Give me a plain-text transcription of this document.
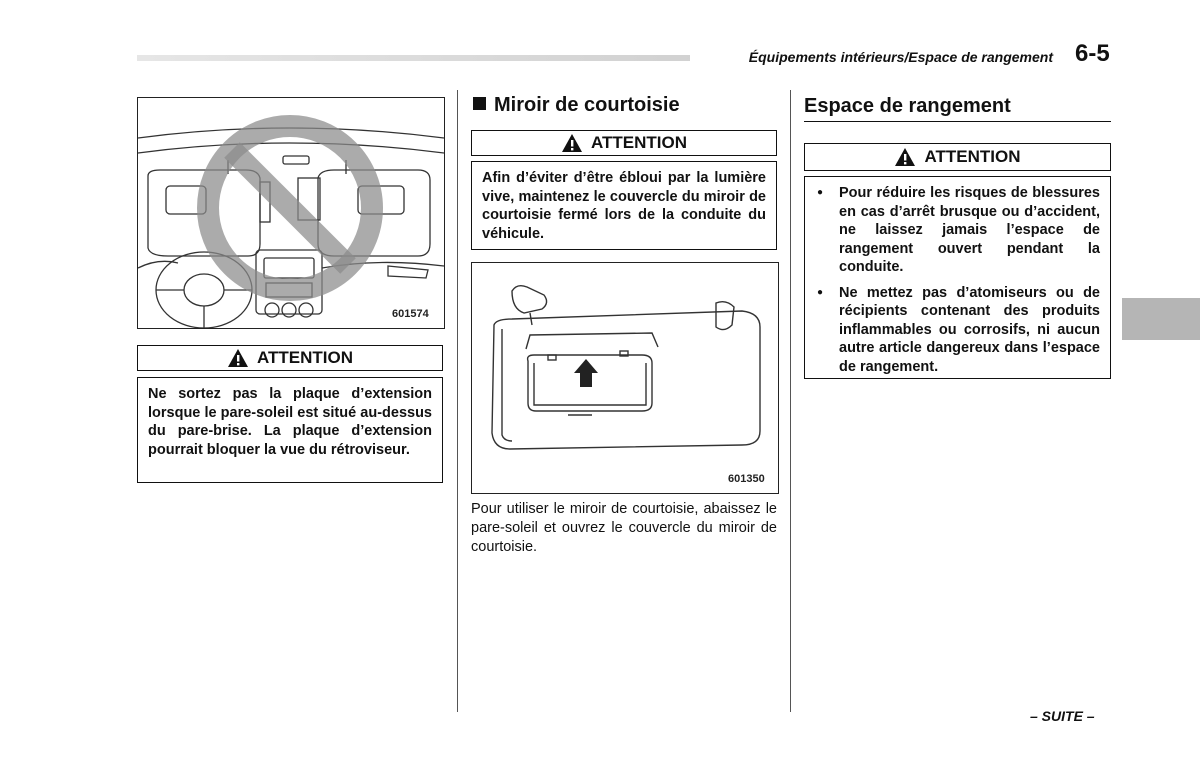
Équipements intérieurs/Espace de rangement 6-5
601574
ATTENTION
Ne sortez pas la plaque d’extension lorsque le pare-soleil est situé au-dessus du pare-brise. La plaque d’extension pourrait bloquer la vue du rétroviseur.
Miroir de courtoisie
ATTENTION
Afin d’éviter d’être ébloui par la lumière vive, maintenez le couvercle du miroir de courtoisie fermé lors de la conduite du véhicule.
601350
Pour utiliser le miroir de courtoisie, abaissez le pare-soleil et ouvrez le couvercle du miroir de courtoisie.
Espace de rangement
ATTENTION
● Pour réduire les risques de blessures en cas d’arrêt brusque ou d’accident, ne laissez jamais l’espace de rangement ouvert pendant la conduite.
● Ne mettez pas d’atomiseurs ou de récipients contenant des produits inflammables ou corrosifs, ni aucun autre article dangereux dans l’espace de rangement.
– SUITE –
